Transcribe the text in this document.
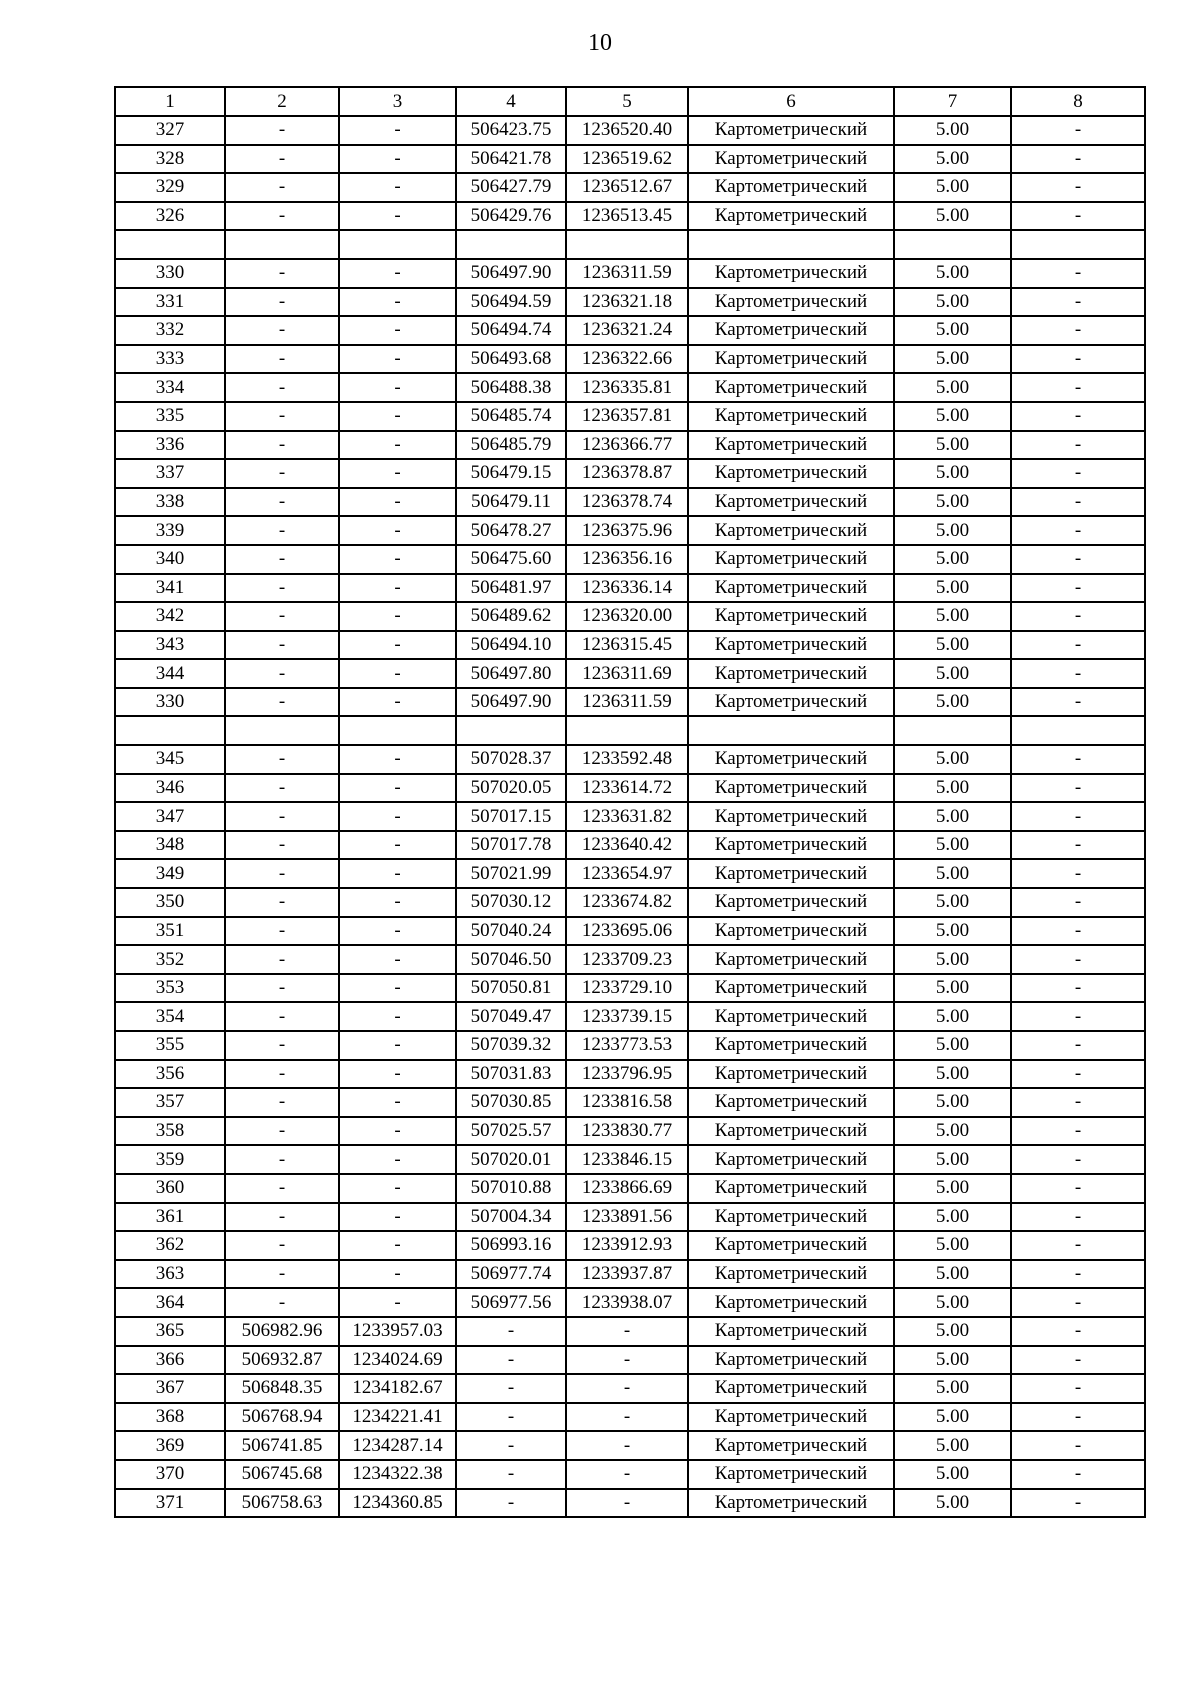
10
1	2	3	4	5	6	7	8
327	-	-	506423.75	1236520.40	Картометрический	5.00	-
328	-	-	506421.78	1236519.62	Картометрический	5.00	-
329	-	-	506427.79	1236512.67	Картометрический	5.00	-
326	-	-	506429.76	1236513.45	Картометрический	5.00	-

330	-	-	506497.90	1236311.59	Картометрический	5.00	-
331	-	-	506494.59	1236321.18	Картометрический	5.00	-
332	-	-	506494.74	1236321.24	Картометрический	5.00	-
333	-	-	506493.68	1236322.66	Картометрический	5.00	-
334	-	-	506488.38	1236335.81	Картометрический	5.00	-
335	-	-	506485.74	1236357.81	Картометрический	5.00	-
336	-	-	506485.79	1236366.77	Картометрический	5.00	-
337	-	-	506479.15	1236378.87	Картометрический	5.00	-
338	-	-	506479.11	1236378.74	Картометрический	5.00	-
339	-	-	506478.27	1236375.96	Картометрический	5.00	-
340	-	-	506475.60	1236356.16	Картометрический	5.00	-
341	-	-	506481.97	1236336.14	Картометрический	5.00	-
342	-	-	506489.62	1236320.00	Картометрический	5.00	-
343	-	-	506494.10	1236315.45	Картометрический	5.00	-
344	-	-	506497.80	1236311.69	Картометрический	5.00	-
330	-	-	506497.90	1236311.59	Картометрический	5.00	-

345	-	-	507028.37	1233592.48	Картометрический	5.00	-
346	-	-	507020.05	1233614.72	Картометрический	5.00	-
347	-	-	507017.15	1233631.82	Картометрический	5.00	-
348	-	-	507017.78	1233640.42	Картометрический	5.00	-
349	-	-	507021.99	1233654.97	Картометрический	5.00	-
350	-	-	507030.12	1233674.82	Картометрический	5.00	-
351	-	-	507040.24	1233695.06	Картометрический	5.00	-
352	-	-	507046.50	1233709.23	Картометрический	5.00	-
353	-	-	507050.81	1233729.10	Картометрический	5.00	-
354	-	-	507049.47	1233739.15	Картометрический	5.00	-
355	-	-	507039.32	1233773.53	Картометрический	5.00	-
356	-	-	507031.83	1233796.95	Картометрический	5.00	-
357	-	-	507030.85	1233816.58	Картометрический	5.00	-
358	-	-	507025.57	1233830.77	Картометрический	5.00	-
359	-	-	507020.01	1233846.15	Картометрический	5.00	-
360	-	-	507010.88	1233866.69	Картометрический	5.00	-
361	-	-	507004.34	1233891.56	Картометрический	5.00	-
362	-	-	506993.16	1233912.93	Картометрический	5.00	-
363	-	-	506977.74	1233937.87	Картометрический	5.00	-
364	-	-	506977.56	1233938.07	Картометрический	5.00	-
365	506982.96	1233957.03	-	-	Картометрический	5.00	-
366	506932.87	1234024.69	-	-	Картометрический	5.00	-
367	506848.35	1234182.67	-	-	Картометрический	5.00	-
368	506768.94	1234221.41	-	-	Картометрический	5.00	-
369	506741.85	1234287.14	-	-	Картометрический	5.00	-
370	506745.68	1234322.38	-	-	Картометрический	5.00	-
371	506758.63	1234360.85	-	-	Картометрический	5.00	-
